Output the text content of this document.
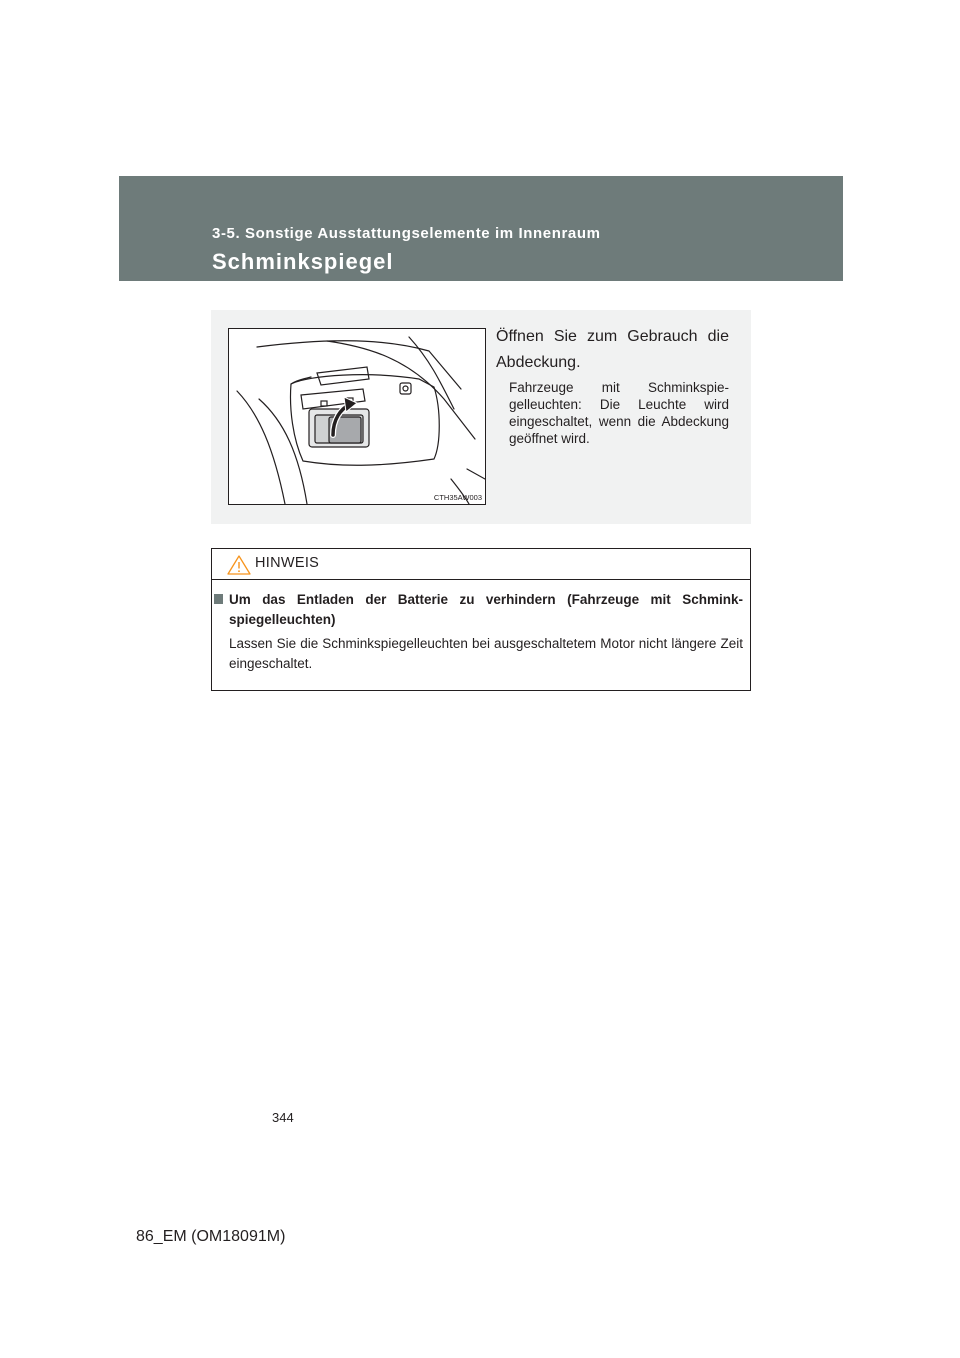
3-5. Sonstige Ausstattungselemente im Innenraum
Schminkspiegel
CTH35AW003
Öffnen Sie zum Gebrauch die Abdeckung.
Fahrzeuge mit Schminkspie-gelleuchten: Die Leuchte wird eingeschaltet, wenn die Abdeckung geöffnet wird.
HINWEIS
Um das Entladen der Batterie zu verhindern (Fahrzeuge mit Schmink-spiegelleuchten)
Lassen Sie die Schminkspiegelleuchten bei ausgeschaltetem Motor nicht längere Zeit eingeschaltet.
344
86_EM (OM18091M)
